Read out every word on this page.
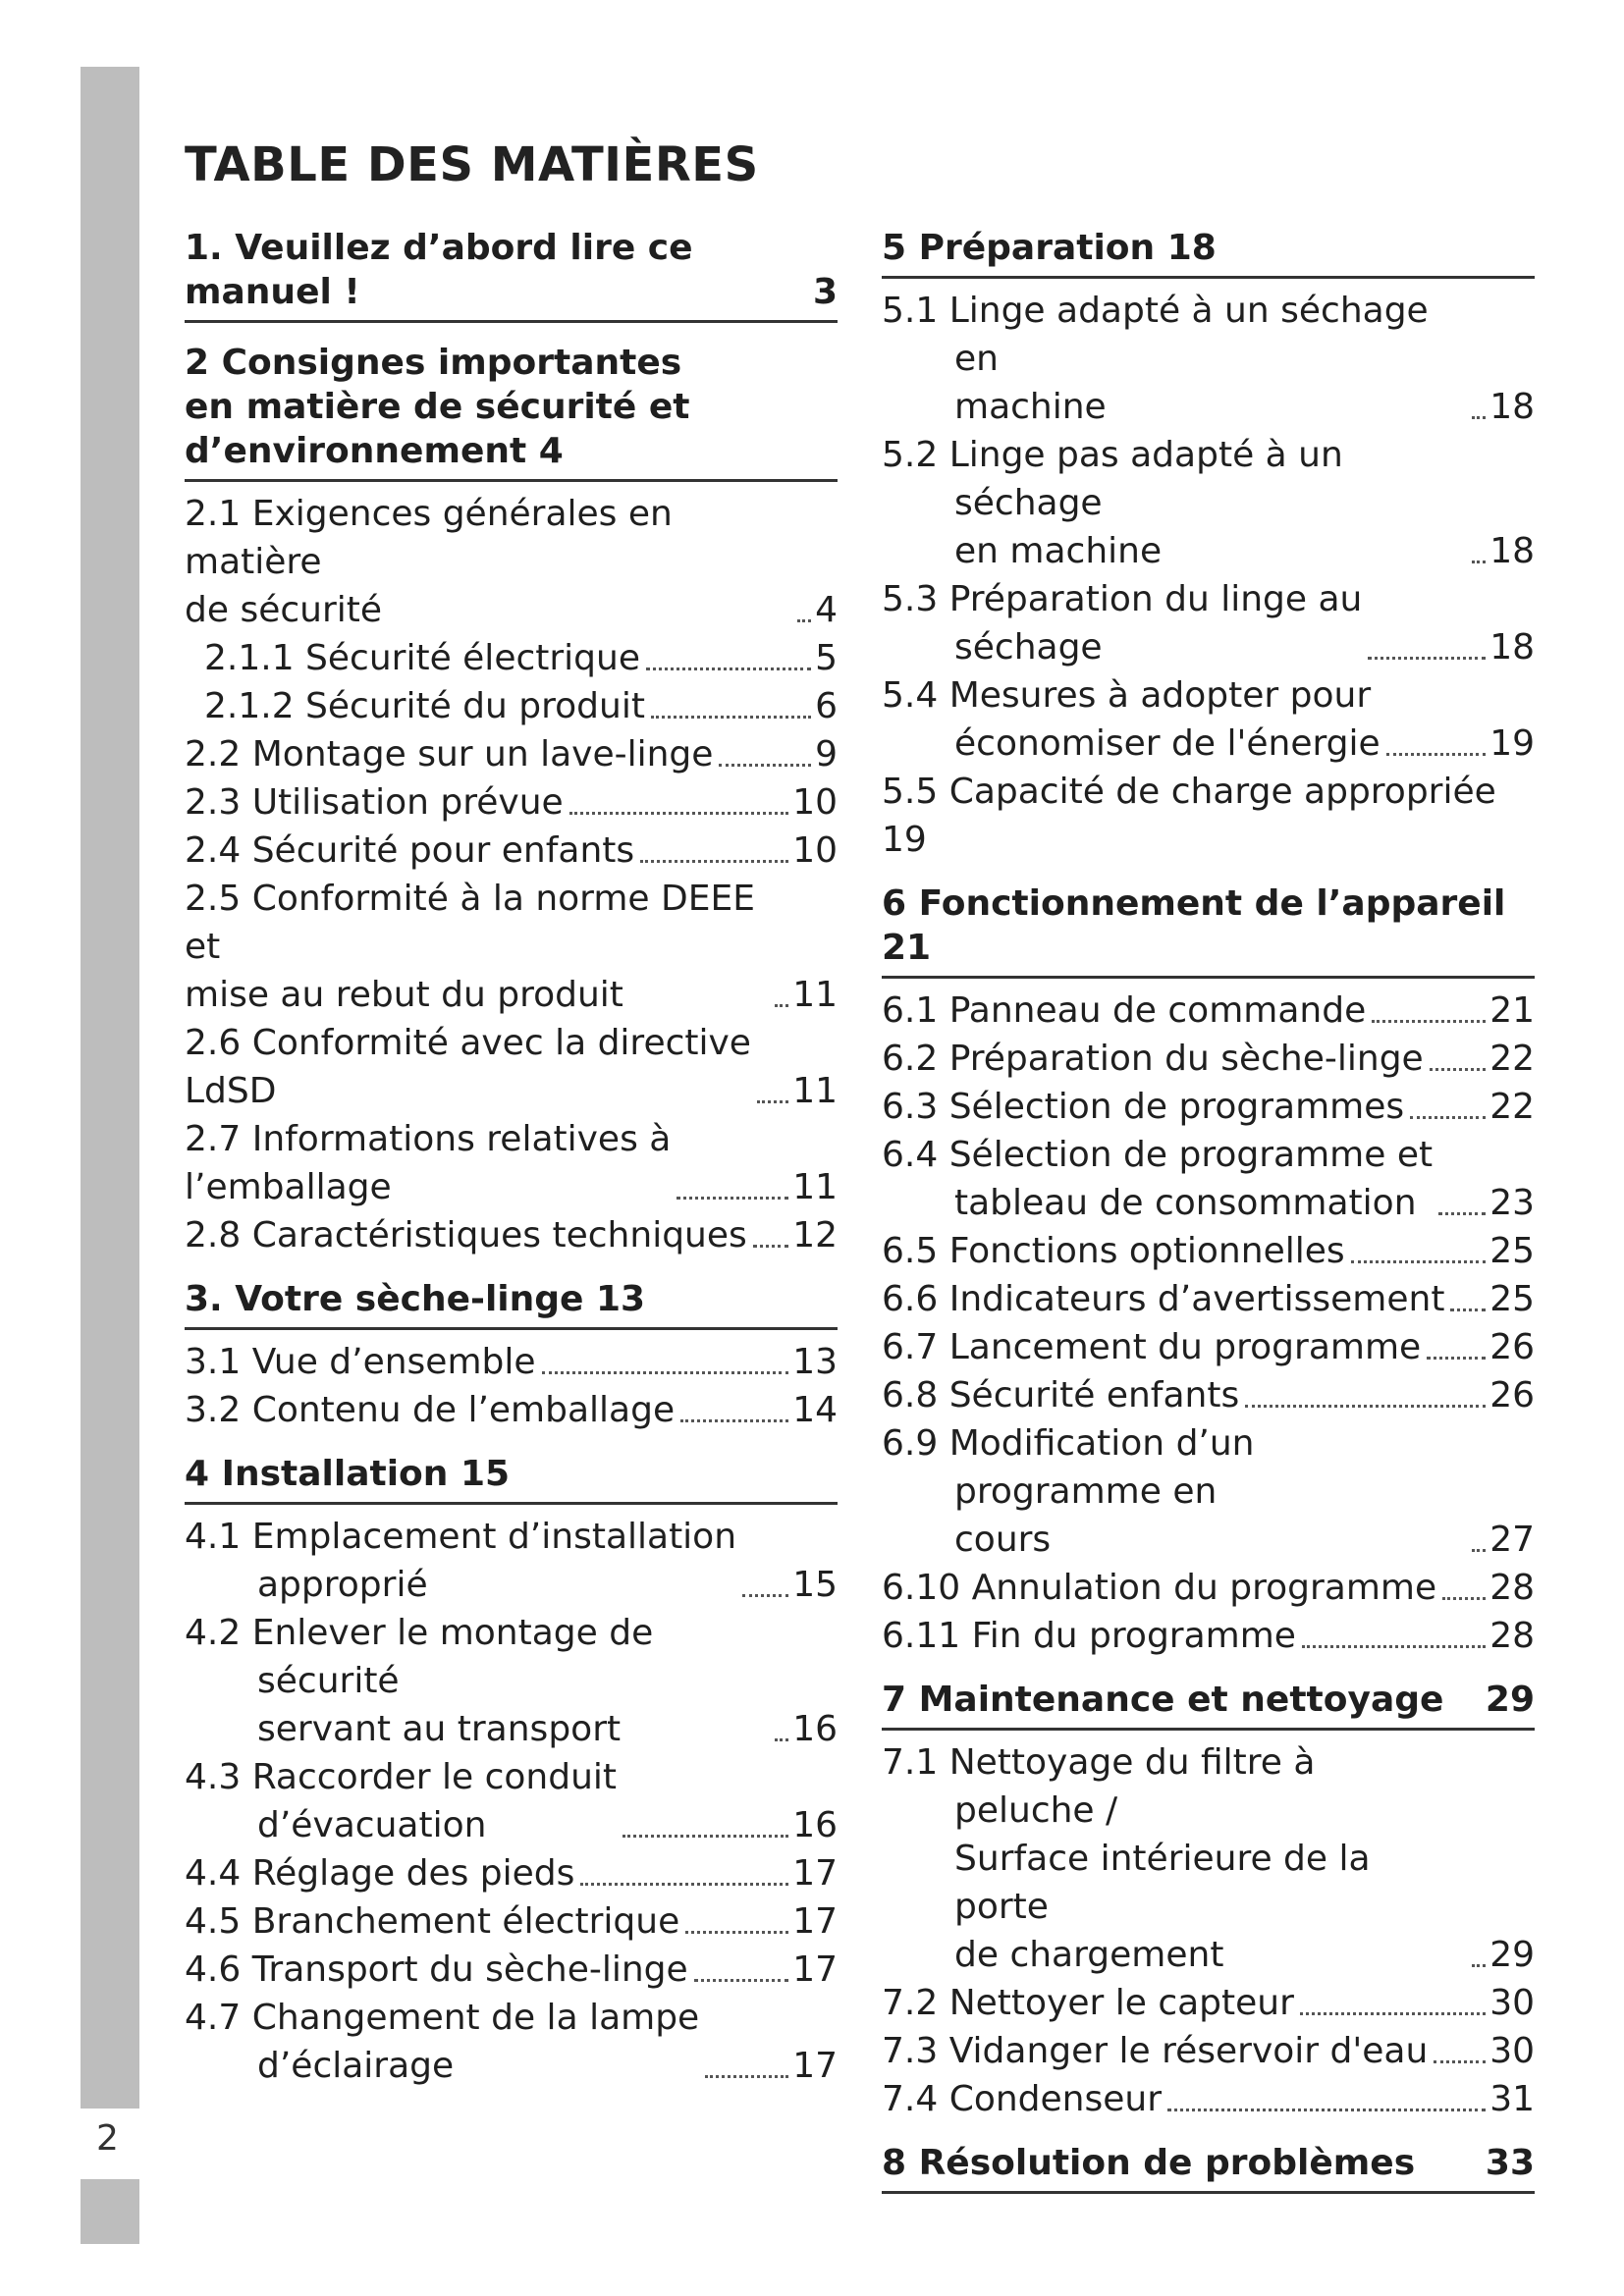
2
TABLE DES MATIÈRES
1. Veuillez d’abord lire ce
manuel !	3
2 Consignes importantes
en matière de sécurité et
d’environnement 4
2.1 Exigences générales en matière
de sécurité	4
2.1.1 Sécurité électrique	5
2.1.2 Sécurité du produit	6
2.2 Montage sur un lave-linge	9
2.3 Utilisation prévue	10
2.4 Sécurité pour enfants	10
2.5 Conformité à la norme DEEE et
mise au rebut du produit	11
2.6 Conformité avec la directive
LdSD	11
2.7 Informations relatives à
l’emballage	11
2.8 Caractéristiques techniques 12
3. Votre sèche-linge 13
3.1 Vue d’ensemble	13
3.2 Contenu de l’emballage	14
4 Installation 15
4.1 Emplacement d’installation
approprié	15
4.2 Enlever le montage de sécurité
servant au transport	16
4.3 Raccorder le conduit
d’évacuation	16
4.4 Réglage des pieds	17
4.5 Branchement électrique	17
4.6 Transport du sèche-linge	17
4.7 Changement de la lampe
d’éclairage	17
5 Préparation 18
5.1 Linge adapté à un séchage en
machine	18
5.2 Linge pas adapté à un séchage
en machine	18
5.3 Préparation du linge au
séchage	18
5.4 Mesures à adopter pour
économiser de l'énergie	19
5.5 Capacité de charge appropriée 19
6 Fonctionnement de l’appareil 21
6.1 Panneau de commande	21
6.2 Préparation du sèche-linge 22
6.3 Sélection de programmes 22
6.4 Sélection de programme et
tableau de consommation	23
6.5 Fonctions optionnelles	25
6.6 Indicateurs d’avertissement 25
6.7 Lancement du programme 26
6.8 Sécurité enfants	26
6.9 Modification d’un programme en
cours	27
6.10 Annulation du programme 28
6.11 Fin du programme	28
7 Maintenance et nettoyage	29
7.1 Nettoyage du filtre à peluche /
Surface intérieure de la porte
de chargement	29
7.2 Nettoyer le capteur	30
7.3 Vidanger le réservoir d'eau 30
7.4 Condenseur	31
8 Résolution de problèmes	33
